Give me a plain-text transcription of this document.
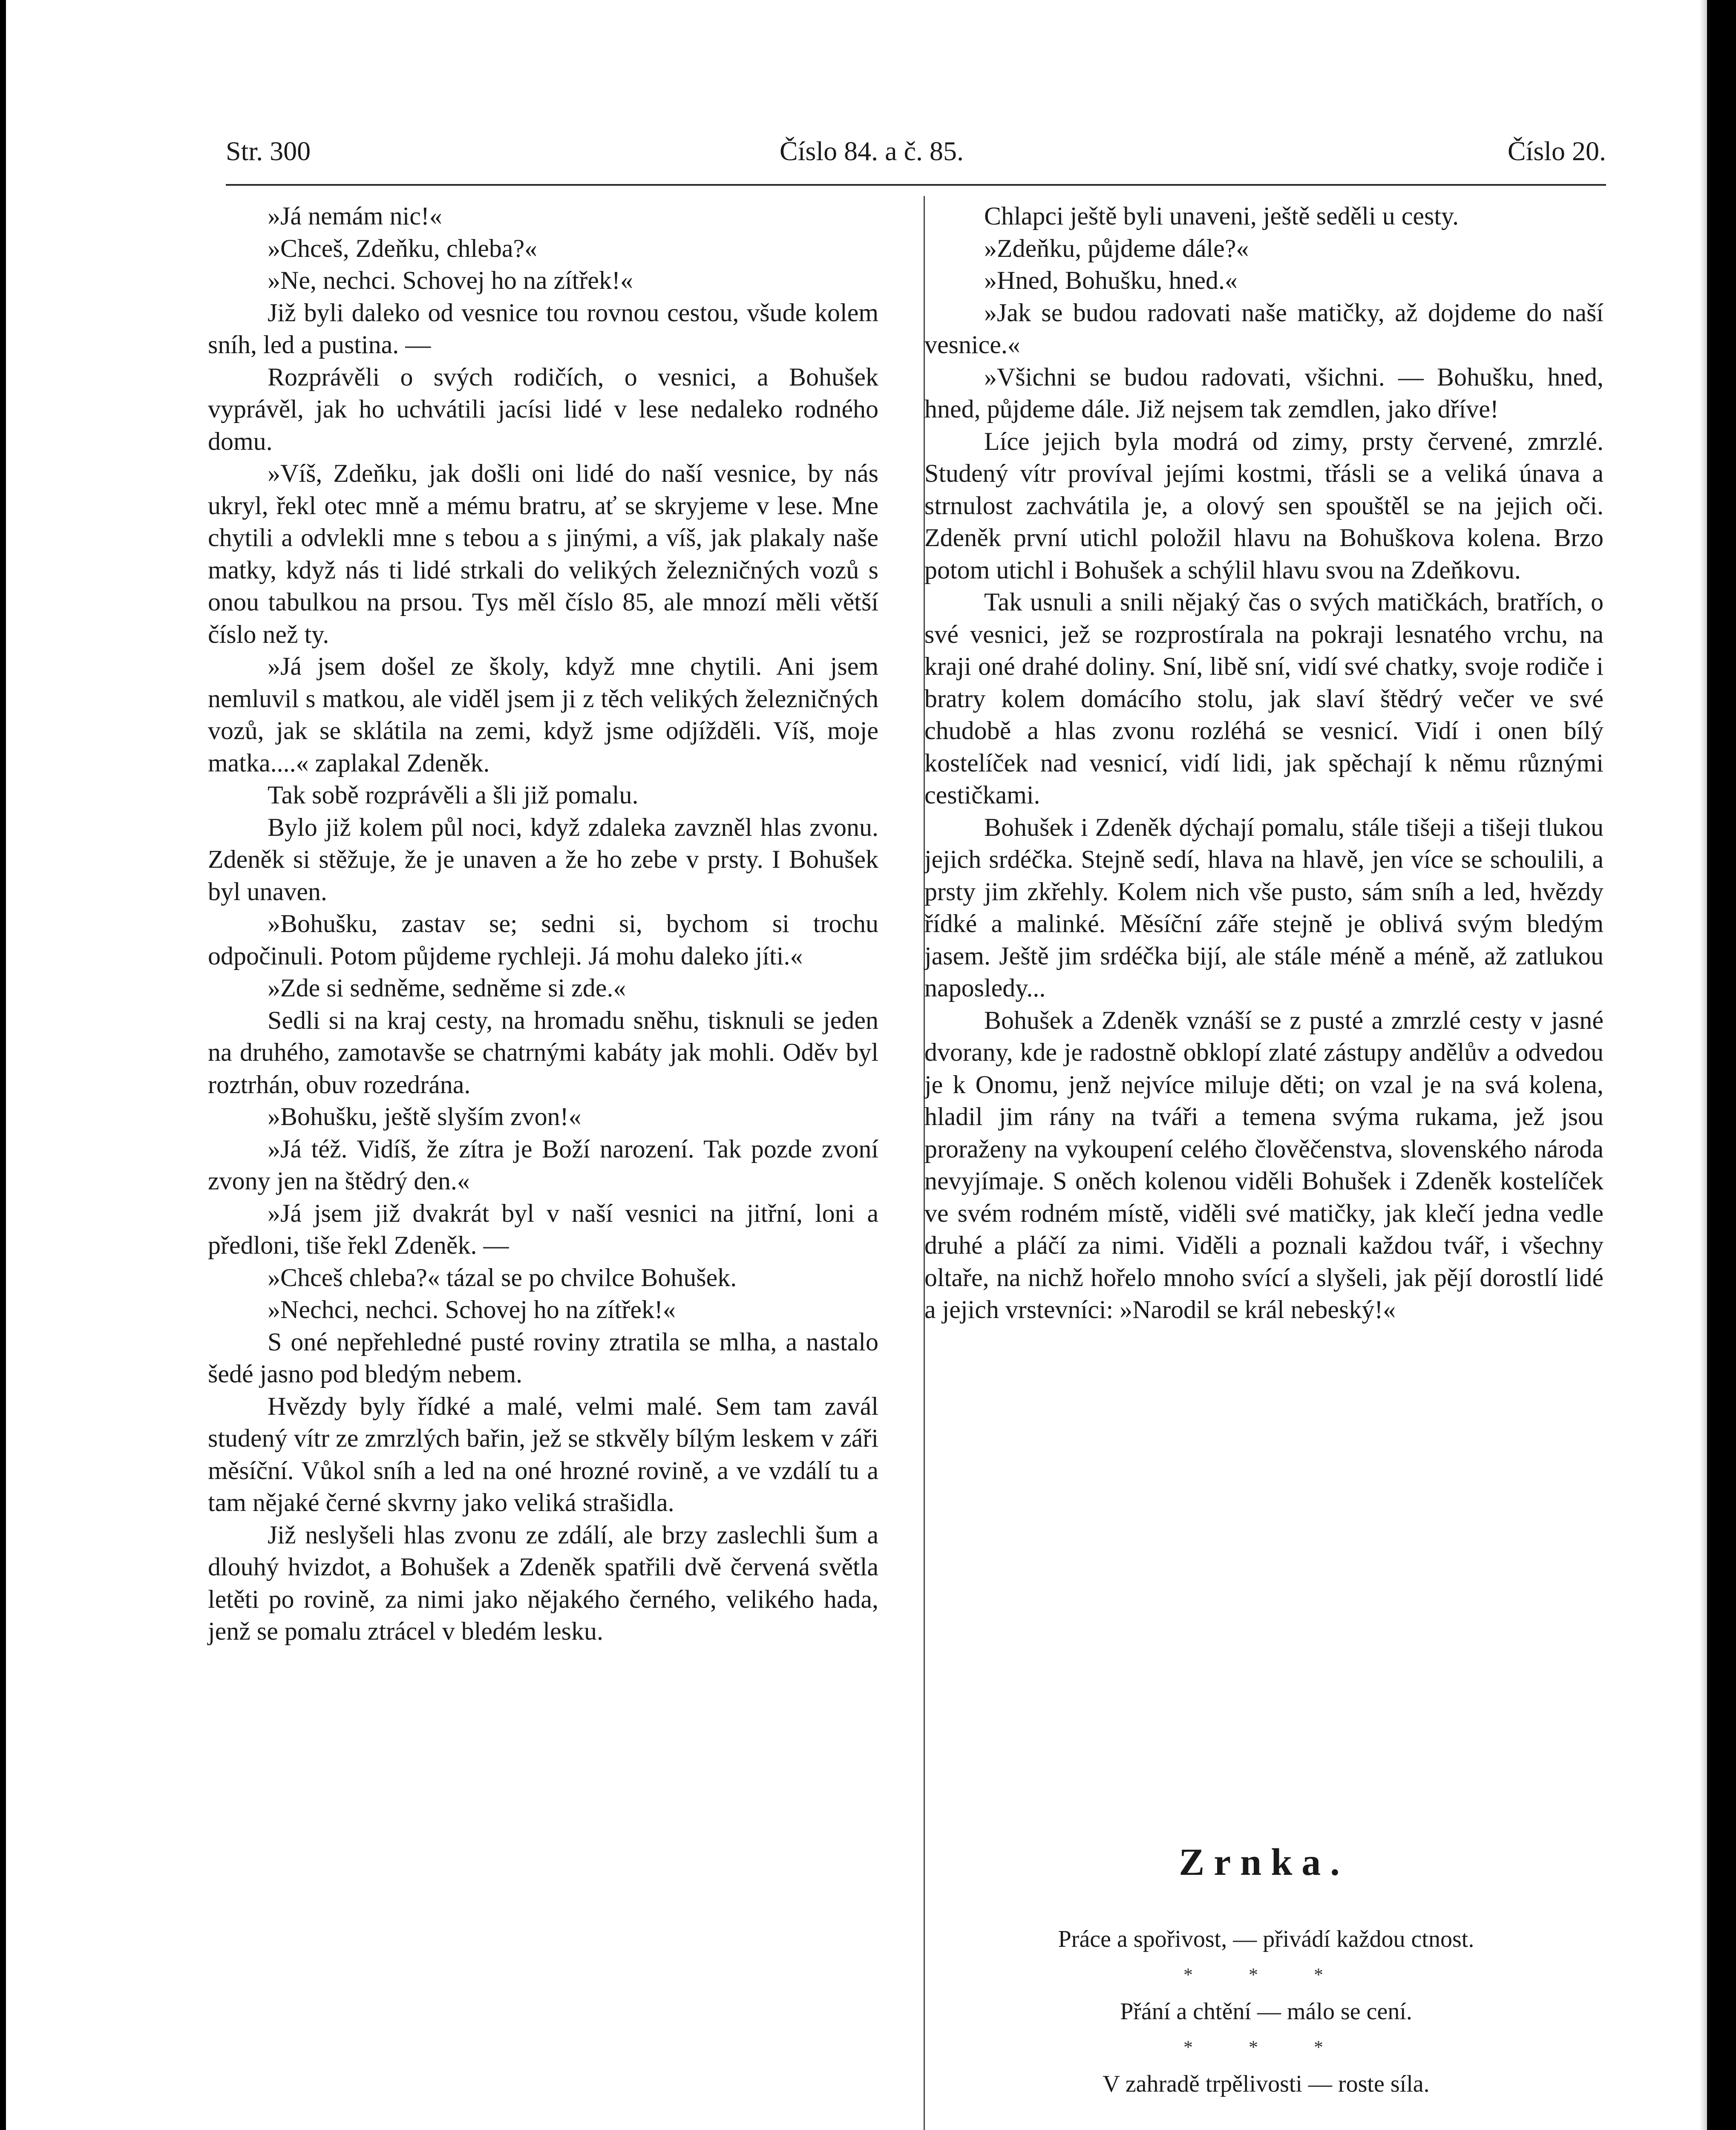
Str. 300	Číslo 84. a č. 85.	Číslo 20.

»Já nemám nic!«

»Chceš, Zdeňku, chleba?«

»Ne, nechci. Schovej ho na zítřek!«

Již byli daleko od vesnice tou rovnou cestou, všude kolem sníh, led a pustina. —

Rozprávěli o svých rodičích, o vesnici, a Bohušek vyprávěl, jak ho uchvátili jacísi lidé v lese nedaleko rodného domu.

»Víš, Zdeňku, jak došli oni lidé do naší vesnice, by nás ukryl, řekl otec mně a mému bratru, ať se skryjeme v lese. Mne chytili a odvlekli mne s tebou a s jinými, a víš, jak plakaly naše matky, když nás ti lidé strkali do velikých železničných vozů s onou tabulkou na prsou. Tys měl číslo 85, ale mnozí měli větší číslo než ty.

»Já jsem došel ze školy, když mne chytili. Ani jsem nemluvil s matkou, ale viděl jsem ji z těch velikých železničných vozů, jak se sklátila na zemi, když jsme odjížděli. Víš, moje matka....« zaplakal Zdeněk.

Tak sobě rozprávěli a šli již pomalu.

Bylo již kolem půl noci, když zdaleka zavzněl hlas zvonu. Zdeněk si stěžuje, že je unaven a že ho zebe v prsty. I Bohušek byl unaven.

»Bohušku, zastav se; sedni si, bychom si trochu odpočinuli. Potom půjdeme rychleji. Já mohu daleko jíti.«

»Zde si sedněme, sedněme si zde.«

Sedli si na kraj cesty, na hromadu sněhu, tisknuli se jeden na druhého, zamotavše se chatrnými kabáty jak mohli. Oděv byl roztrhán, obuv rozedrána.

»Bohušku, ještě slyším zvon!«

»Já též. Vidíš, že zítra je Boží narození. Tak pozde zvoní zvony jen na štědrý den.«

»Já jsem již dvakrát byl v naší vesnici na jitřní, loni a předloni, tiše řekl Zdeněk. —

»Chceš chleba?« tázal se po chvilce Bohušek.

»Nechci, nechci. Schovej ho na zítřek!«

S oné nepřehledné pusté roviny ztratila se mlha, a nastalo šedé jasno pod bledým nebem.

Hvězdy byly řídké a malé, velmi malé. Sem tam zavál studený vítr ze zmrzlých bařin, jež se stkvěly bílým leskem v záři měsíční. Vůkol sníh a led na oné hrozné rovině, a ve vzdálí tu a tam nějaké černé skvrny jako veliká strašidla.

Již neslyšeli hlas zvonu ze zdálí, ale brzy zaslechli šum a dlouhý hvizdot, a Bohušek a Zdeněk spatřili dvě červená světla letěti po rovině, za nimi jako nějakého černého, velikého hada, jenž se pomalu ztrácel v bledém lesku.

Chlapci ještě byli unaveni, ještě seděli u cesty.

»Zdeňku, půjdeme dále?«

»Hned, Bohušku, hned.«

»Jak se budou radovati naše matičky, až dojdeme do naší vesnice.«

»Všichni se budou radovati, všichni. — Bohušku, hned, hned, půjdeme dále. Již nejsem tak zemdlen, jako dříve!

Líce jejich byla modrá od zimy, prsty červené, zmrzlé. Studený vítr províval jejími kostmi, třásli se a veliká únava a strnulost zachvátila je, a olový sen spouštěl se na jejich oči. Zdeněk první utichl položil hlavu na Bohuškova kolena. Brzo potom utichl i Bohušek a schýlil hlavu svou na Zdeňkovu.

Tak usnuli a snili nějaký čas o svých matičkách, bratřích, o své vesnici, jež se rozprostírala na pokraji lesnatého vrchu, na kraji oné drahé doliny. Sní, libě sní, vidí své chatky, svoje rodiče i bratry kolem domácího stolu, jak slaví štědrý večer ve své chudobě a hlas zvonu rozléhá se vesnicí. Vidí i onen bílý kostelíček nad vesnicí, vidí lidi, jak spěchají k němu různými cestičkami.

Bohušek i Zdeněk dýchají pomalu, stále tišeji a tišeji tlukou jejich srdéčka. Stejně sedí, hlava na hlavě, jen více se schoulili, a prsty jim zkřehly. Kolem nich vše pusto, sám sníh a led, hvězdy řídké a malinké. Měsíční záře stejně je oblivá svým bledým jasem. Ještě jim srdéčka bijí, ale stále méně a méně, až zatlukou naposledy...

Bohušek a Zdeněk vznáší se z pusté a zmrzlé cesty v jasné dvorany, kde je radostně obklopí zlaté zástupy andělův a odvedou je k Onomu, jenž nejvíce miluje děti; on vzal je na svá kolena, hladil jim rány na tváři a temena svýma rukama, jež jsou proraženy na vykoupení celého člověčenstva, slovenského národa nevyjímaje. S oněch kolenou viděli Bohušek i Zdeněk kostelíček ve svém rodném místě, viděli své matičky, jak klečí jedna vedle druhé a pláčí za nimi. Viděli a poznali každou tvář, i všechny oltaře, na nichž hořelo mnoho svící a slyšeli, jak pějí dorostlí lidé a jejich vrstevníci: »Narodil se král nebeský!«

Zrnka.
Práce a spořivost, — přivádí každou ctnost.
* * *
Přání a chtění — málo se cení.
* * *
V zahradě trpělivosti — roste síla.
